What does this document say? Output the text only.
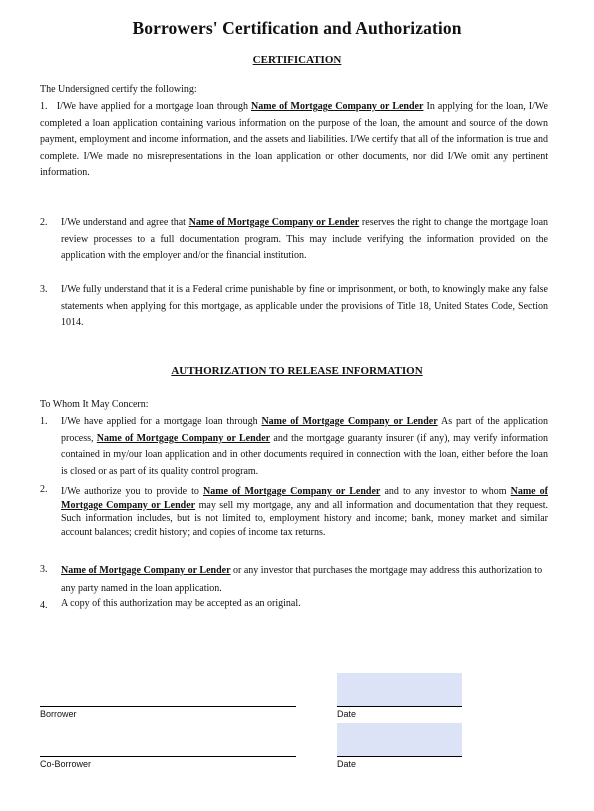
Borrowers' Certification and Authorization
CERTIFICATION
The Undersigned certify the following:
1. I/We have applied for a mortgage loan through Name of Mortgage Company or Lender In applying for the loan, I/We completed a loan application containing various information on the purpose of the loan, the amount and source of the down payment, employment and income information, and the assets and liabilities. I/We certify that all of the information is true and complete. I/We made no misrepresentations in the loan application or other documents, nor did I/We omit any pertinent information.
2. I/We understand and agree that Name of Mortgage Company or Lender reserves the right to change the mortgage loan review processes to a full documentation program. This may include verifying the information provided on the application with the employer and/or the financial institution.
3. I/We fully understand that it is a Federal crime punishable by fine or imprisonment, or both, to knowingly make any false statements when applying for this mortgage, as applicable under the provisions of Title 18, United States Code, Section 1014.
AUTHORIZATION TO RELEASE INFORMATION
To Whom It May Concern:
1. I/We have applied for a mortgage loan through Name of Mortgage Company or Lender As part of the application process, Name of Mortgage Company or Lender and the mortgage guaranty insurer (if any), may verify information contained in my/our loan application and in other documents required in connection with the loan, either before the loan is closed or as part of its quality control program.
2. I/We authorize you to provide to Name of Mortgage Company or Lender and to any investor to whom Name of Mortgage Company or Lender may sell my mortgage, any and all information and documentation that they request. Such information includes, but is not limited to, employment history and income; bank, money market and similar account balances; credit history; and copies of income tax returns.
3. Name of Mortgage Company or Lender or any investor that purchases the mortgage may address this authorization to any party named in the loan application.
4. A copy of this authorization may be accepted as an original.
Borrower	Date
Co-Borrower	Date
